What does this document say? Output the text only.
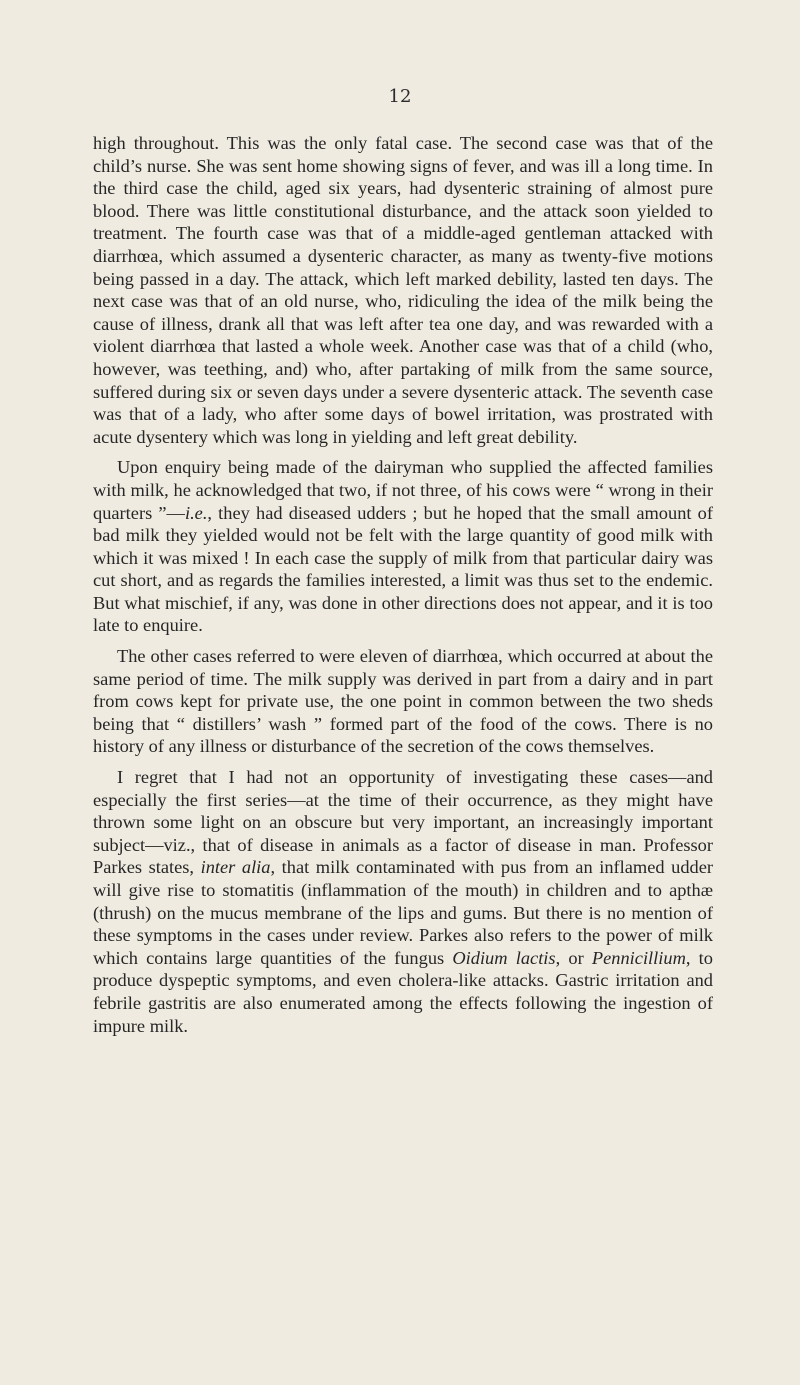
12

high throughout. This was the only fatal case. The second case was that of the child’s nurse. She was sent home showing signs of fever, and was ill a long time. In the third case the child, aged six years, had dysenteric straining of almost pure blood. There was little constitutional disturbance, and the attack soon yielded to treatment. The fourth case was that of a middle-aged gentleman attacked with diarrhœa, which assumed a dysenteric character, as many as twenty-five motions being passed in a day. The attack, which left marked debility, lasted ten days. The next case was that of an old nurse, who, ridiculing the idea of the milk being the cause of illness, drank all that was left after tea one day, and was rewarded with a violent diarrhœa that lasted a whole week. Another case was that of a child (who, however, was teething, and) who, after partaking of milk from the same source, suffered during six or seven days under a severe dysenteric attack. The seventh case was that of a lady, who after some days of bowel irritation, was prostrated with acute dysentery which was long in yielding and left great debility.

Upon enquiry being made of the dairyman who supplied the affected families with milk, he acknowledged that two, if not three, of his cows were “ wrong in their quarters ”—i.e., they had diseased udders ; but he hoped that the small amount of bad milk they yielded would not be felt with the large quantity of good milk with which it was mixed ! In each case the supply of milk from that particular dairy was cut short, and as regards the families interested, a limit was thus set to the endemic. But what mischief, if any, was done in other directions does not appear, and it is too late to enquire.

The other cases referred to were eleven of diarrhœa, which occurred at about the same period of time. The milk supply was derived in part from a dairy and in part from cows kept for private use, the one point in common between the two sheds being that “ distillers’ wash ” formed part of the food of the cows. There is no history of any illness or disturbance of the secretion of the cows themselves.

I regret that I had not an opportunity of investigating these cases—and especially the first series—at the time of their occurrence, as they might have thrown some light on an obscure but very important, an increasingly important subject—viz., that of disease in animals as a factor of disease in man. Professor Parkes states, inter alia, that milk contaminated with pus from an inflamed udder will give rise to stomatitis (inflammation of the mouth) in children and to apthæ (thrush) on the mucus membrane of the lips and gums. But there is no mention of these symptoms in the cases under review. Parkes also refers to the power of milk which contains large quantities of the fungus Oidium lactis, or Pennicillium, to produce dyspeptic symptoms, and even cholera-like attacks. Gastric irritation and febrile gastritis are also enumerated among the effects following the ingestion of impure milk.
